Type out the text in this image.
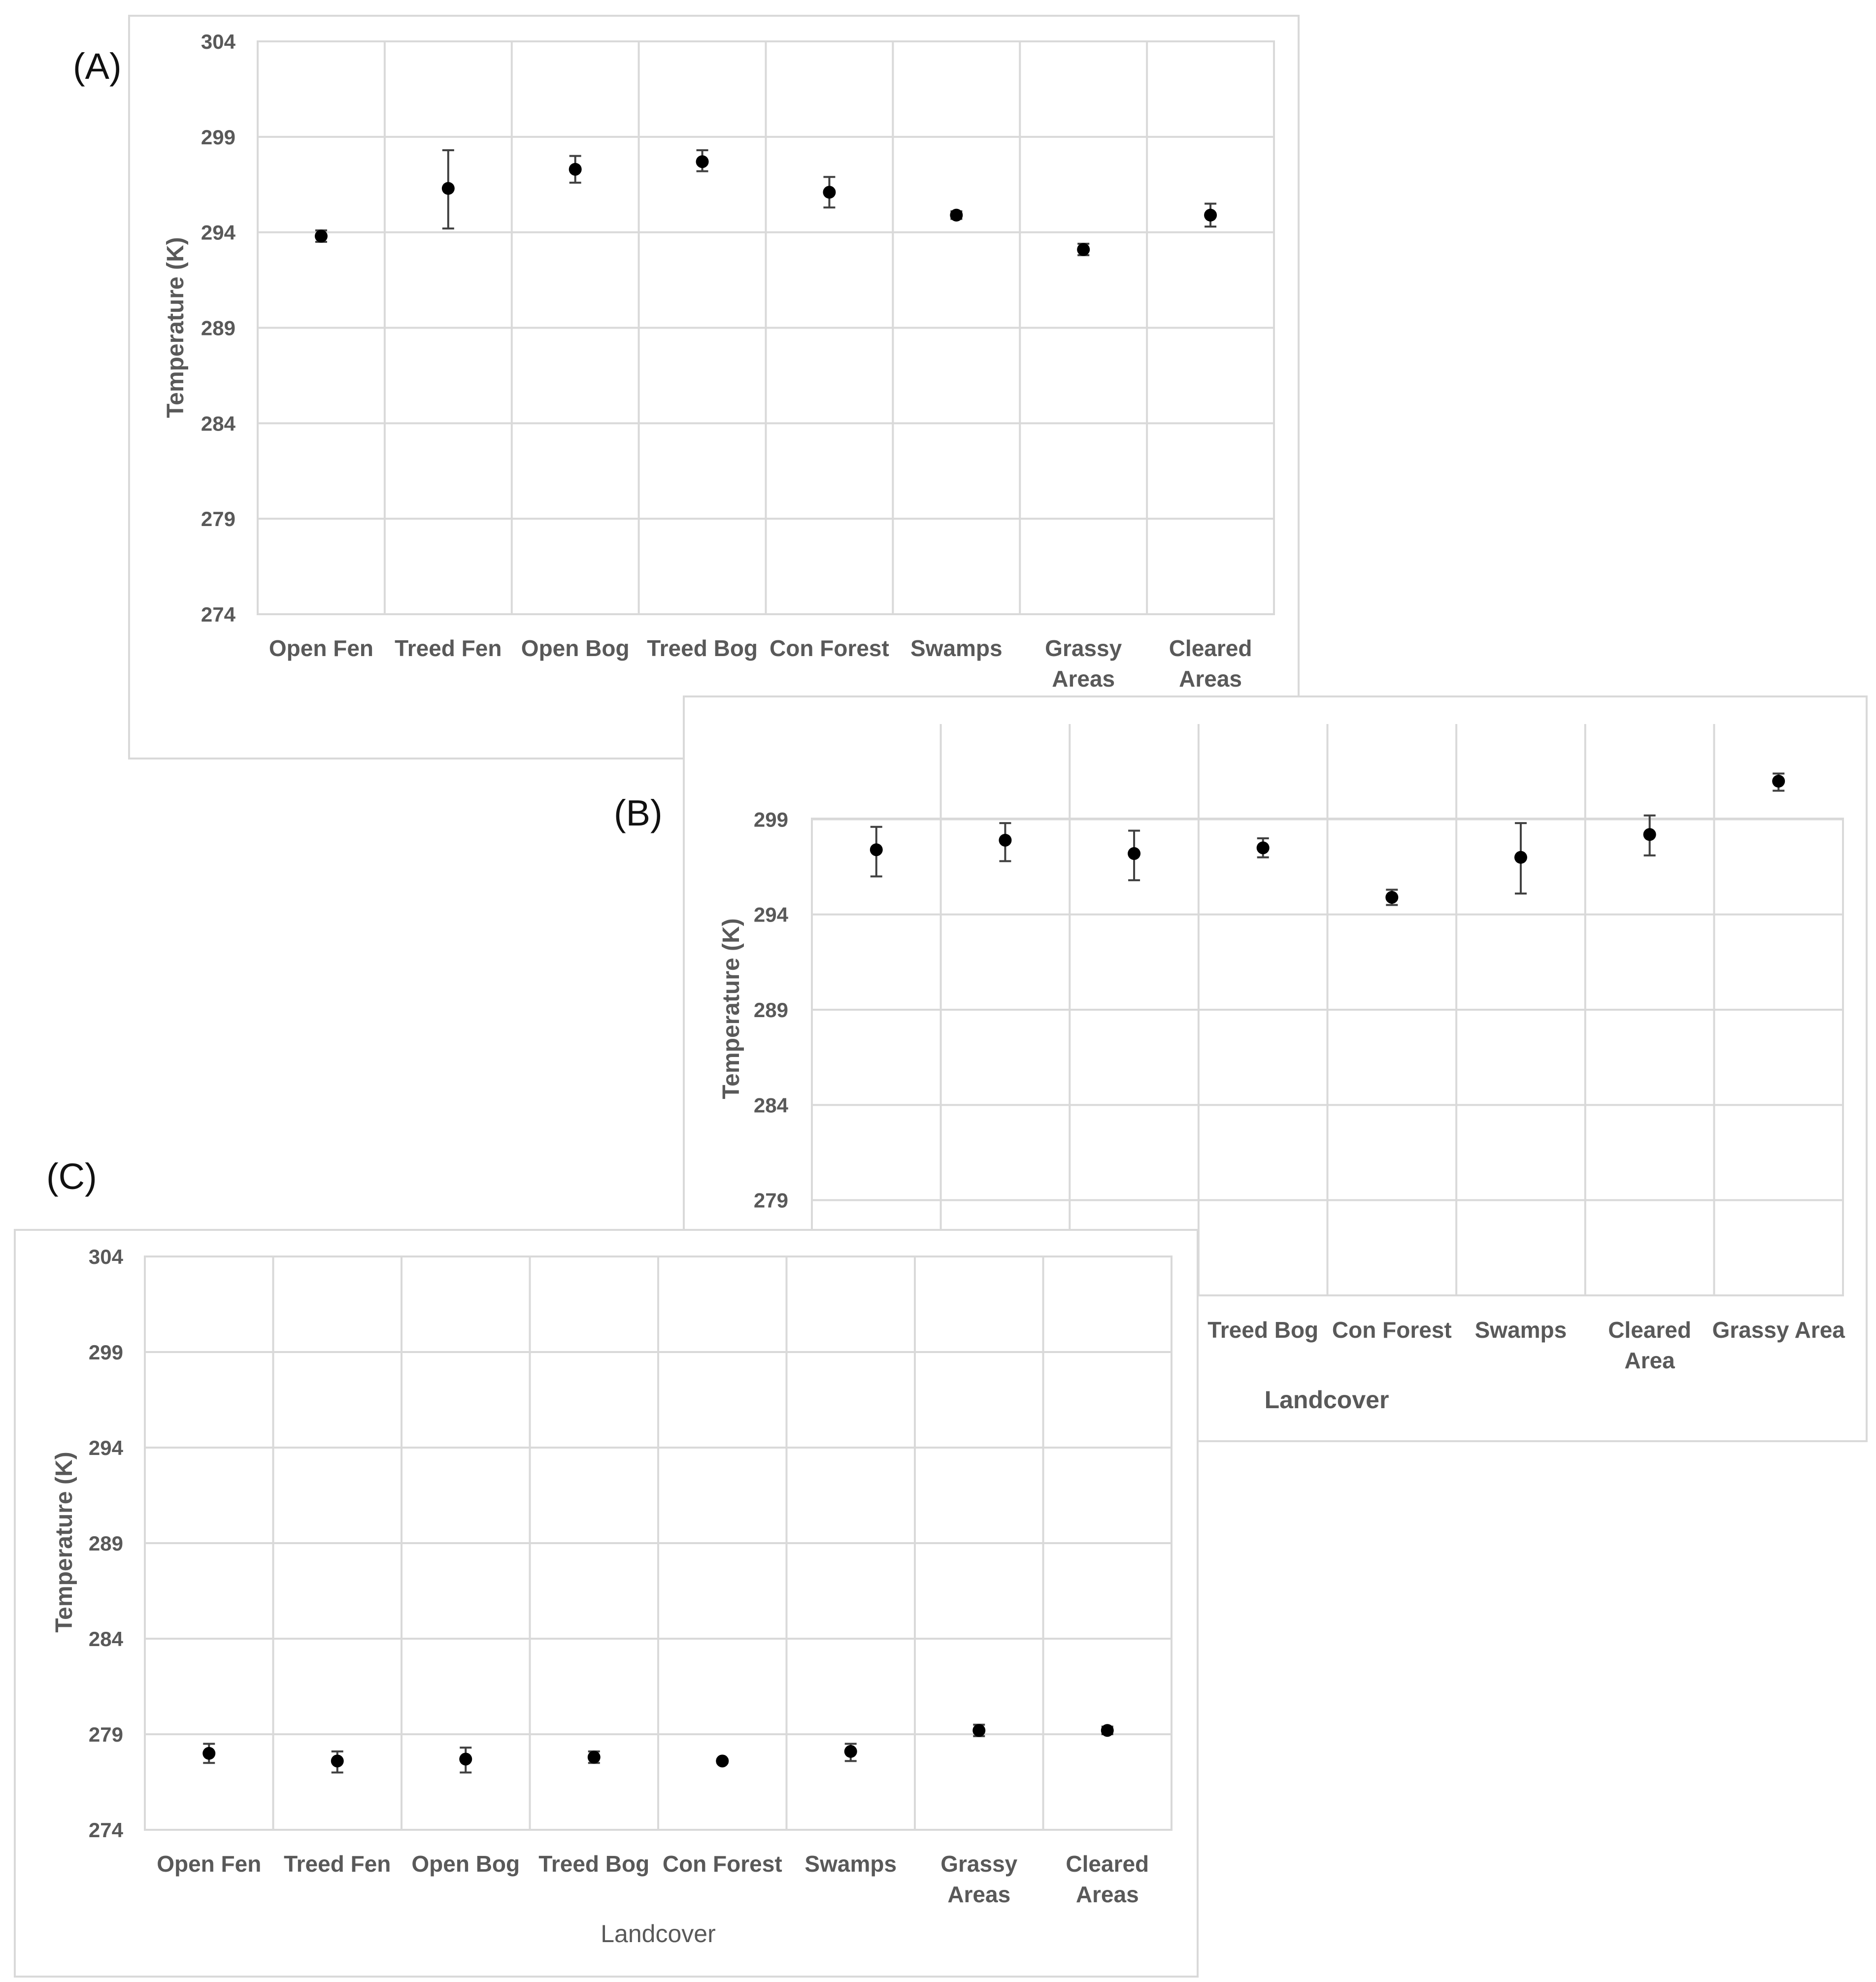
274
279
284
289
294
299
304
Open Fen Treed Fen Open Bog Treed Bog Con Forest Swamps Grassy
Areas
Cleared
Areas
Temperature (K)
279
284
289
294
299
Treed Bog Con Forest Swamps Cleared
Area
Grassy Area
Landcover
Temperature (K)
274
279
284
289
294
299
304
Open Fen Treed Fen Open Bog Treed Bog Con Forest Swamps Grassy
Areas
Cleared
Areas
Landcover
Temperature (K)
(A)
(B)
(C)
